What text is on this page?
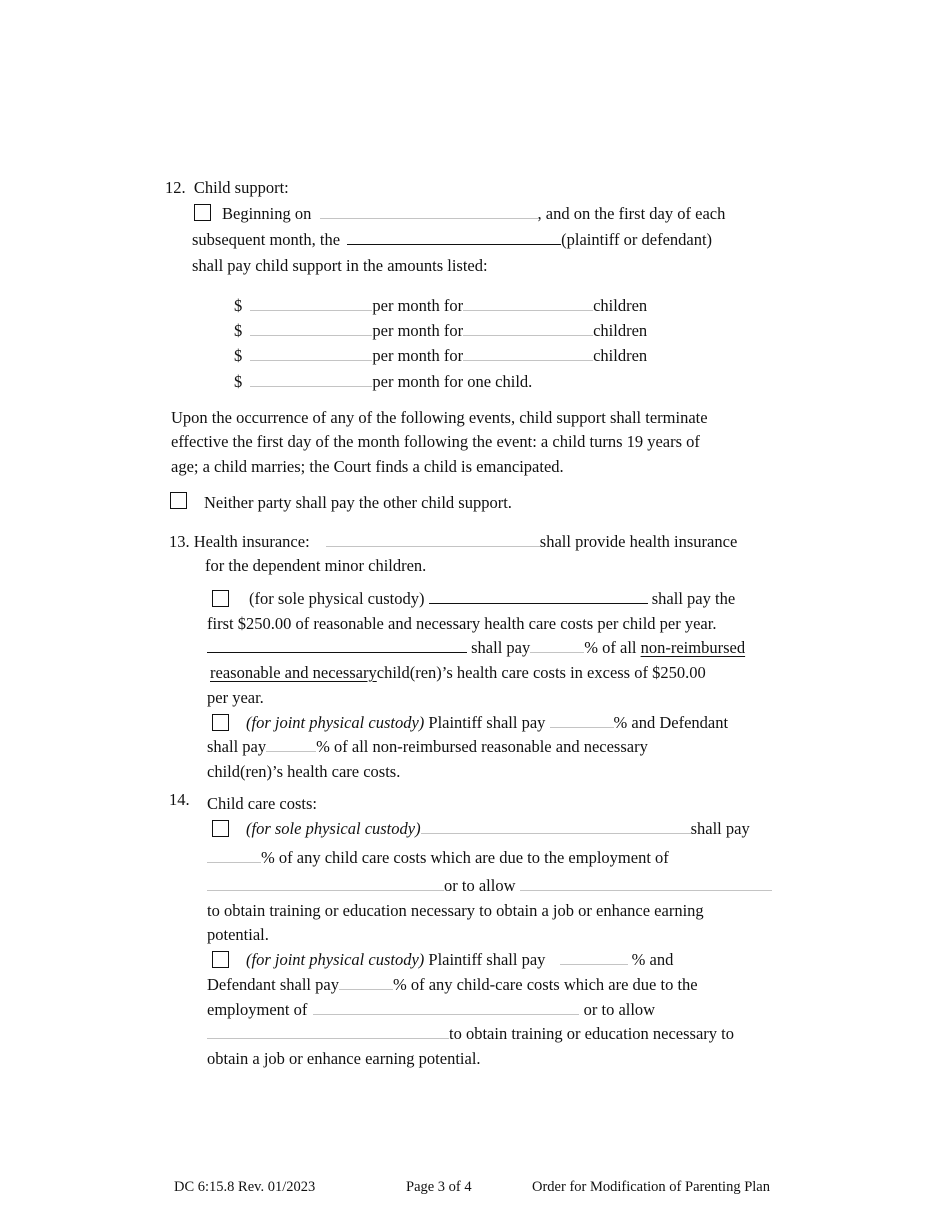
12. Child support:
Beginning on	, and on the first day of each
subsequent month, the	(plaintiff or defendant)
shall pay child support in the amounts listed:
$	per month for	children
$	per month for	children
$	per month for	children
$	per month for one child.
Upon the occurrence of any of the following events, child support shall terminate
effective the first day of the month following the event: a child turns 19 years of
age; a child marries; the Court finds a child is emancipated.
Neither party shall pay the other child support.
13. Health insurance:	shall provide health insurance
for the dependent minor children.
(for sole physical custody)	shall pay the
first $250.00 of reasonable and necessary health care costs per child per year.
shall pay	% of all non-reimbursed
reasonable and necessarychild(ren)’s health care costs in excess of $250.00
per year.
(for joint physical custody) Plaintiff shall pay	% and Defendant
shall pay	% of all non-reimbursed reasonable and necessary
child(ren)’s health care costs.
14. Child care costs:
(for sole physical custody)	shall pay
% of any child care costs which are due to the employment of
or to allow
to obtain training or education necessary to obtain a job or enhance earning
potential.
(for joint physical custody) Plaintiff shall pay	% and
Defendant shall pay	% of any child-care costs which are due to the
employment of	or to allow
to obtain training or education necessary to
obtain a job or enhance earning potential.
DC 6:15.8 Rev. 01/2023	Page 3 of 4	Order for Modification of Parenting Plan
